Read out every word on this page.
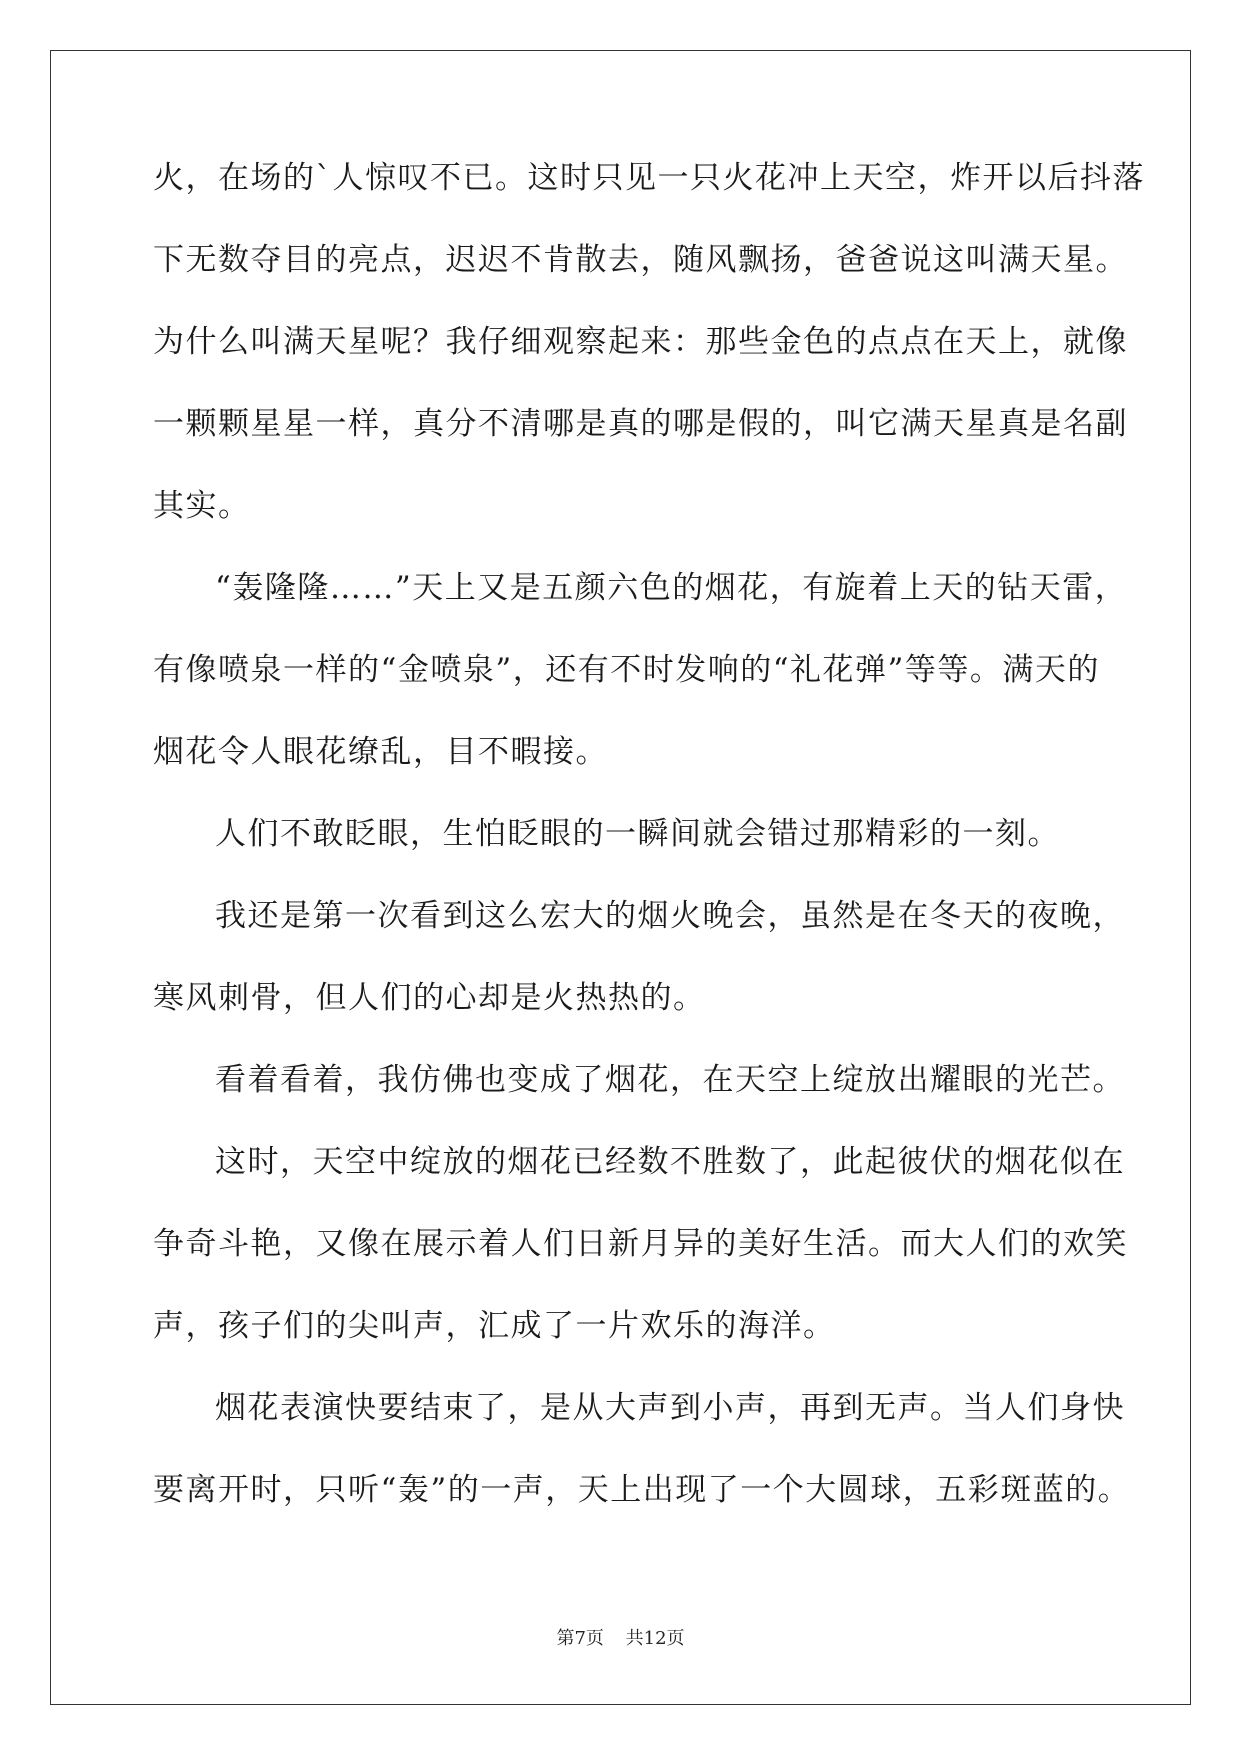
火，在场的`人惊叹不已。这时只见一只火花冲上天空，炸开以后抖落
下无数夺目的亮点，迟迟不肯散去，随风飘扬，爸爸说这叫满天星。
为什么叫满天星呢？我仔细观察起来：那些金色的点点在天上，就像
一颗颗星星一样，真分不清哪是真的哪是假的，叫它满天星真是名副
其实。
“轰隆隆……”天上又是五颜六色的烟花，有旋着上天的钻天雷，
有像喷泉一样的“金喷泉”，还有不时发响的“礼花弹”等等。满天的
烟花令人眼花缭乱，目不暇接。
人们不敢眨眼，生怕眨眼的一瞬间就会错过那精彩的一刻。
我还是第一次看到这么宏大的烟火晚会，虽然是在冬天的夜晚，
寒风刺骨，但人们的心却是火热热的。
看着看着，我仿佛也变成了烟花，在天空上绽放出耀眼的光芒。
这时，天空中绽放的烟花已经数不胜数了，此起彼伏的烟花似在
争奇斗艳，又像在展示着人们日新月异的美好生活。而大人们的欢笑
声，孩子们的尖叫声，汇成了一片欢乐的海洋。
烟花表演快要结束了，是从大声到小声，再到无声。当人们身快
要离开时，只听“轰”的一声，天上出现了一个大圆球，五彩斑蓝的。
第7页 共12页
